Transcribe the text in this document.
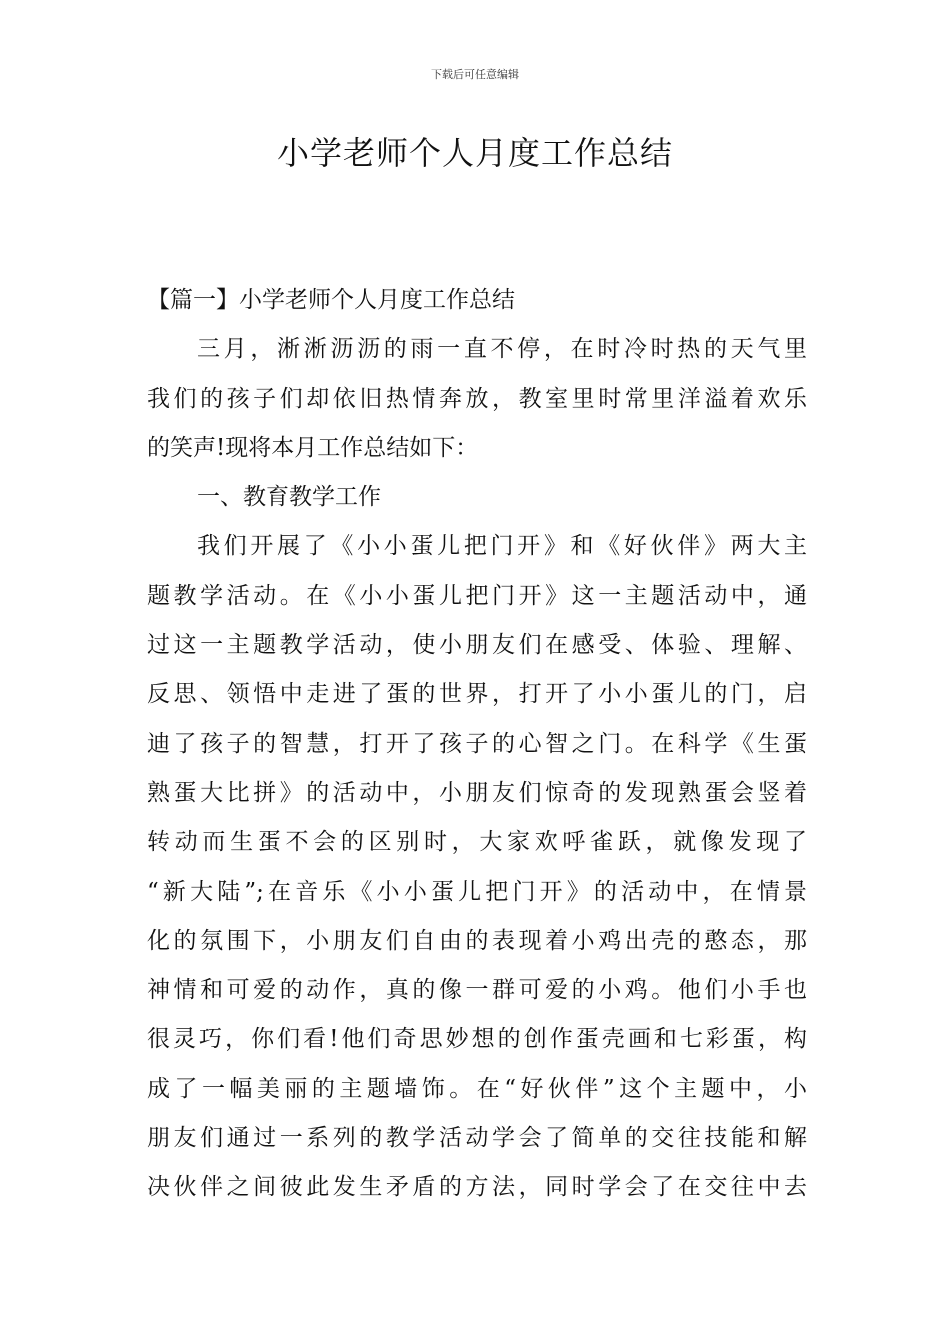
下载后可任意编辑
小学老师个人月度工作总结
【篇一】小学老师个人月度工作总结
三月，淅淅沥沥的雨一直不停，在时冷时热的天气里
我们的孩子们却依旧热情奔放，教室里时常里洋溢着欢乐
的笑声!现将本月工作总结如下：
一、教育教学工作
我们开展了《小小蛋儿把门开》和《好伙伴》两大主
题教学活动。在《小小蛋儿把门开》这一主题活动中，通
过这一主题教学活动，使小朋友们在感受、体验、理解、
反思、领悟中走进了蛋的世界，打开了小小蛋儿的门，启
迪了孩子的智慧，打开了孩子的心智之门。在科学《生蛋
熟蛋大比拼》的活动中，小朋友们惊奇的发现熟蛋会竖着
转动而生蛋不会的区别时，大家欢呼雀跃，就像发现了
“新大陆”;在音乐《小小蛋儿把门开》的活动中，在情景
化的氛围下，小朋友们自由的表现着小鸡出壳的憨态，那
神情和可爱的动作，真的像一群可爱的小鸡。他们小手也
很灵巧，你们看!他们奇思妙想的创作蛋壳画和七彩蛋，构
成了一幅美丽的主题墙饰。在“好伙伴”这个主题中，小
朋友们通过一系列的教学活动学会了简单的交往技能和解
决伙伴之间彼此发生矛盾的方法，同时学会了在交往中去
